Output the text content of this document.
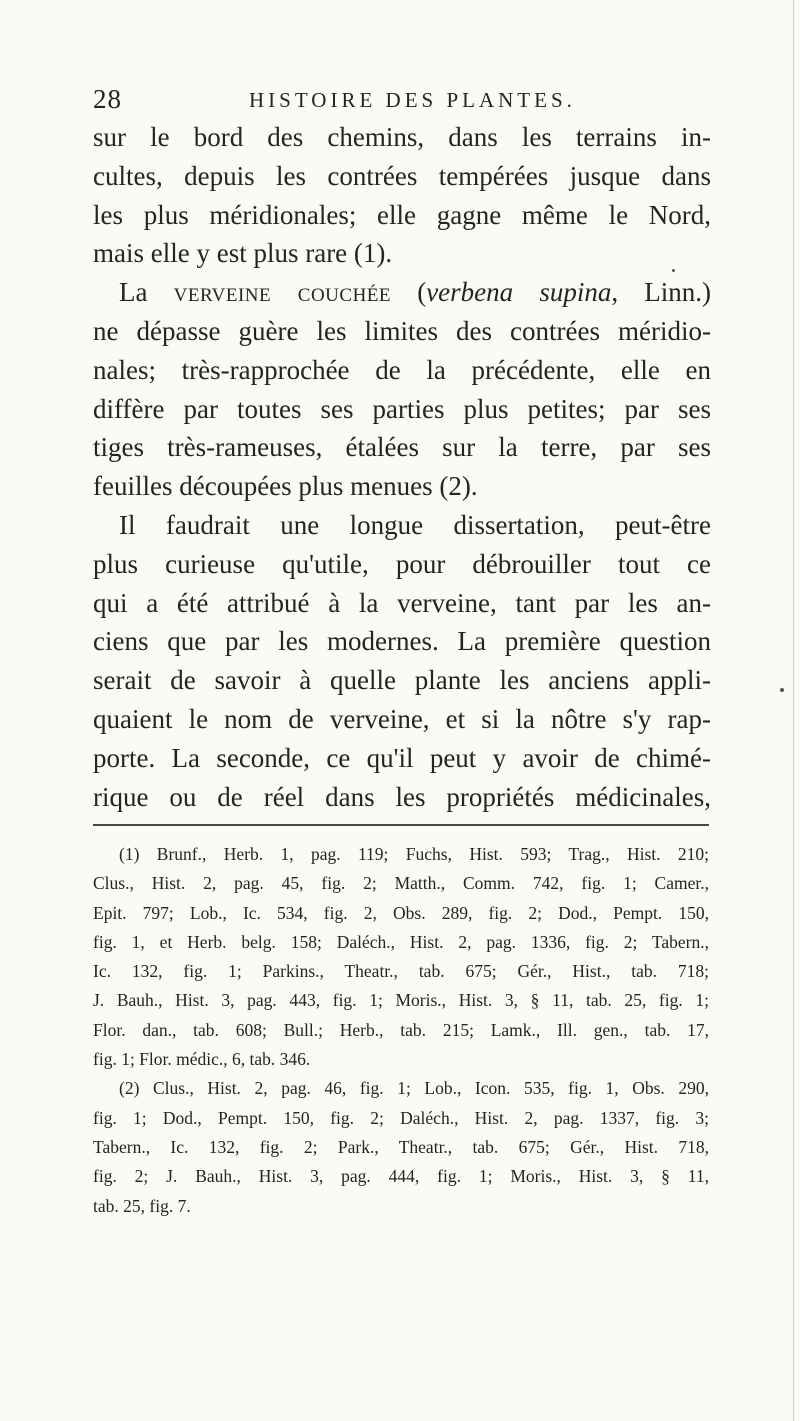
28	HISTOIRE DES PLANTES.
sur le bord des chemins, dans les terrains in-
cultes, depuis les contrées tempérées jusque dans
les plus méridionales; elle gagne même le Nord,
mais elle y est plus rare (1).
La verveine couchée (verbena supina, Linn.)
ne dépasse guère les limites des contrées méridio-
nales; très-rapprochée de la précédente, elle en
diffère par toutes ses parties plus petites; par ses
tiges très-rameuses, étalées sur la terre, par ses
feuilles découpées plus menues (2).
Il faudrait une longue dissertation, peut-être
plus curieuse qu'utile, pour débrouiller tout ce
qui a été attribué à la verveine, tant par les an-
ciens que par les modernes. La première question
serait de savoir à quelle plante les anciens appli-
quaient le nom de verveine, et si la nôtre s'y rap-
porte. La seconde, ce qu'il peut y avoir de chimé-
rique ou de réel dans les propriétés médicinales,
(1) Brunf., Herb. 1, pag. 119; Fuchs, Hist. 593; Trag., Hist. 210;
Clus., Hist. 2, pag. 45, fig. 2; Matth., Comm. 742, fig. 1; Camer.,
Epit. 797; Lob., Ic. 534, fig. 2, Obs. 289, fig. 2; Dod., Pempt. 150,
fig. 1, et Herb. belg. 158; Daléch., Hist. 2, pag. 1336, fig. 2; Tabern.,
Ic. 132, fig. 1; Parkins., Theatr., tab. 675; Gér., Hist., tab. 718;
J. Bauh., Hist. 3, pag. 443, fig. 1; Moris., Hist. 3, § 11, tab. 25, fig. 1;
Flor. dan., tab. 608; Bull.; Herb., tab. 215; Lamk., Ill. gen., tab. 17,
fig. 1; Flor. médic., 6, tab. 346.
(2) Clus., Hist. 2, pag. 46, fig. 1; Lob., Icon. 535, fig. 1, Obs. 290,
fig. 1; Dod., Pempt. 150, fig. 2; Daléch., Hist. 2, pag. 1337, fig. 3;
Tabern., Ic. 132, fig. 2; Park., Theatr., tab. 675; Gér., Hist. 718,
fig. 2; J. Bauh., Hist. 3, pag. 444, fig. 1; Moris., Hist. 3, § 11,
tab. 25, fig. 7.
